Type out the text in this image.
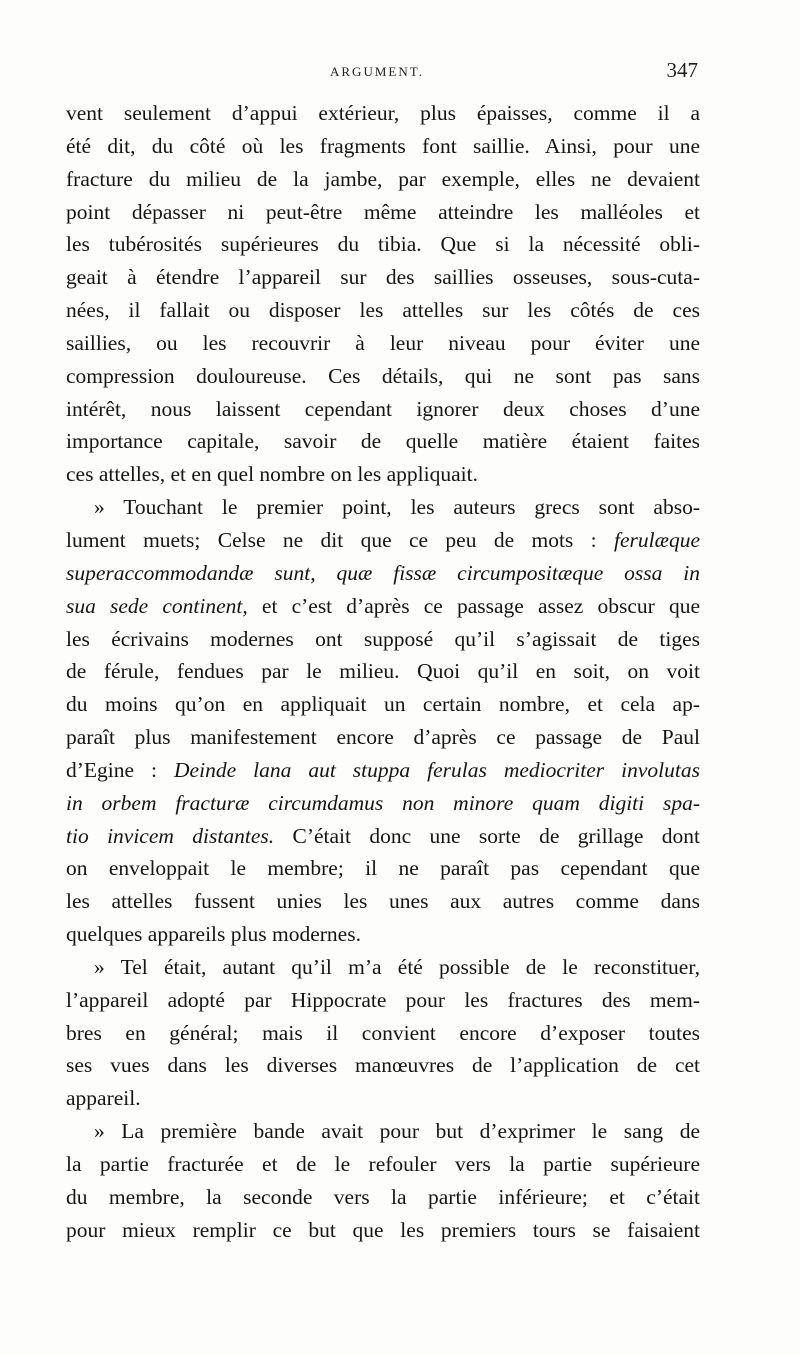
ARGUMENT.	347
vent seulement d’appui extérieur, plus épaisses, comme il a
été dit, du côté où les fragments font saillie. Ainsi, pour une
fracture du milieu de la jambe, par exemple, elles ne devaient
point dépasser ni peut-être même atteindre les malléoles et
les tubérosités supérieures du tibia. Que si la nécessité obli-
geait à étendre l’appareil sur des saillies osseuses, sous-cuta-
nées, il fallait ou disposer les attelles sur les côtés de ces
saillies, ou les recouvrir à leur niveau pour éviter une
compression douloureuse. Ces détails, qui ne sont pas sans
intérêt, nous laissent cependant ignorer deux choses d’une
importance capitale, savoir de quelle matière étaient faites
ces attelles, et en quel nombre on les appliquait.
» Touchant le premier point, les auteurs grecs sont abso-
lument muets; Celse ne dit que ce peu de mots : ferulæque
superaccommodandæ sunt, quæ fissæ circumpositæque ossa in
sua sede continent, et c’est d’après ce passage assez obscur que
les écrivains modernes ont supposé qu’il s’agissait de tiges
de férule, fendues par le milieu. Quoi qu’il en soit, on voit
du moins qu’on en appliquait un certain nombre, et cela ap-
paraît plus manifestement encore d’après ce passage de Paul
d’Egine : Deinde lana aut stuppa ferulas mediocriter involutas
in orbem fracturæ circumdamus non minore quam digiti spa-
tio invicem distantes. C’était donc une sorte de grillage dont
on enveloppait le membre; il ne paraît pas cependant que
les attelles fussent unies les unes aux autres comme dans
quelques appareils plus modernes.
» Tel était, autant qu’il m’a été possible de le reconstituer,
l’appareil adopté par Hippocrate pour les fractures des mem-
bres en général; mais il convient encore d’exposer toutes
ses vues dans les diverses manœuvres de l’application de cet
appareil.
» La première bande avait pour but d’exprimer le sang de
la partie fracturée et de le refouler vers la partie supérieure
du membre, la seconde vers la partie inférieure; et c’était
pour mieux remplir ce but que les premiers tours se faisaient
